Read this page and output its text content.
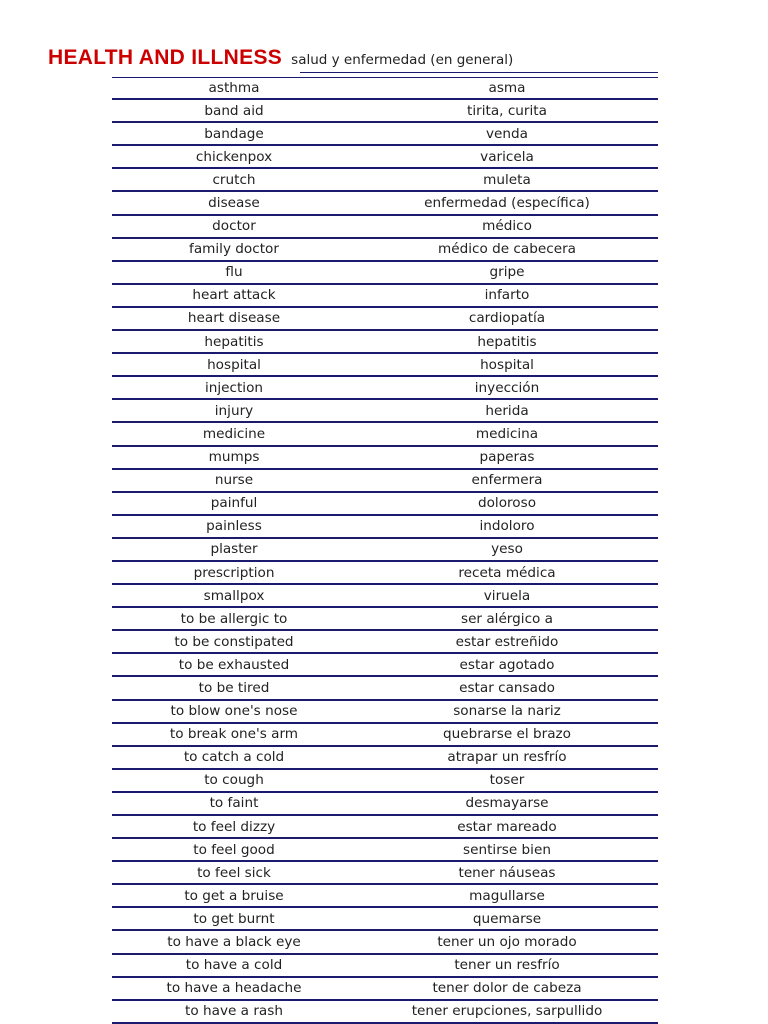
HEALTH AND ILLNESS salud y enfermedad (en general)
asthma	asma
band aid	tirita, curita
bandage	venda
chickenpox	varicela
crutch	muleta
disease	enfermedad (específica)
doctor	médico
family doctor	médico de cabecera
flu	gripe
heart attack	infarto
heart disease	cardiopatía
hepatitis	hepatitis
hospital	hospital
injection	inyección
injury	herida
medicine	medicina
mumps	paperas
nurse	enfermera
painful	doloroso
painless	indoloro
plaster	yeso
prescription	receta médica
smallpox	viruela
to be allergic to	ser alérgico a
to be constipated	estar estreñido
to be exhausted	estar agotado
to be tired	estar cansado
to blow one's nose	sonarse la nariz
to break one's arm	quebrarse el brazo
to catch a cold	atrapar un resfrío
to cough	toser
to faint	desmayarse
to feel dizzy	estar mareado
to feel good	sentirse bien
to feel sick	tener náuseas
to get a bruise	magullarse
to get burnt	quemarse
to have a black eye	tener un ojo morado
to have a cold	tener un resfrío
to have a headache	tener dolor de cabeza
to have a rash	tener erupciones, sarpullido
